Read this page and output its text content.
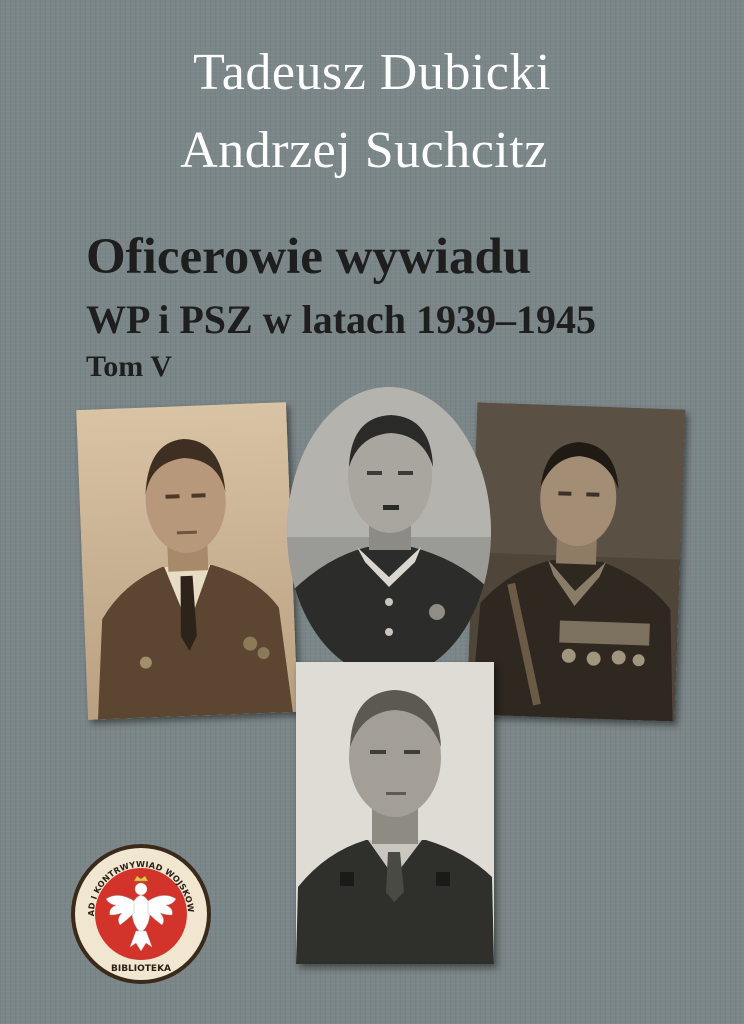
Tadeusz Dubicki
Andrzej Suchcitz
Oficerowie wywiadu
WP i PSZ w latach 1939–1945
Tom V
AD I KONTRWYWIAD WOJSKOW
BIBLIOTEKA
